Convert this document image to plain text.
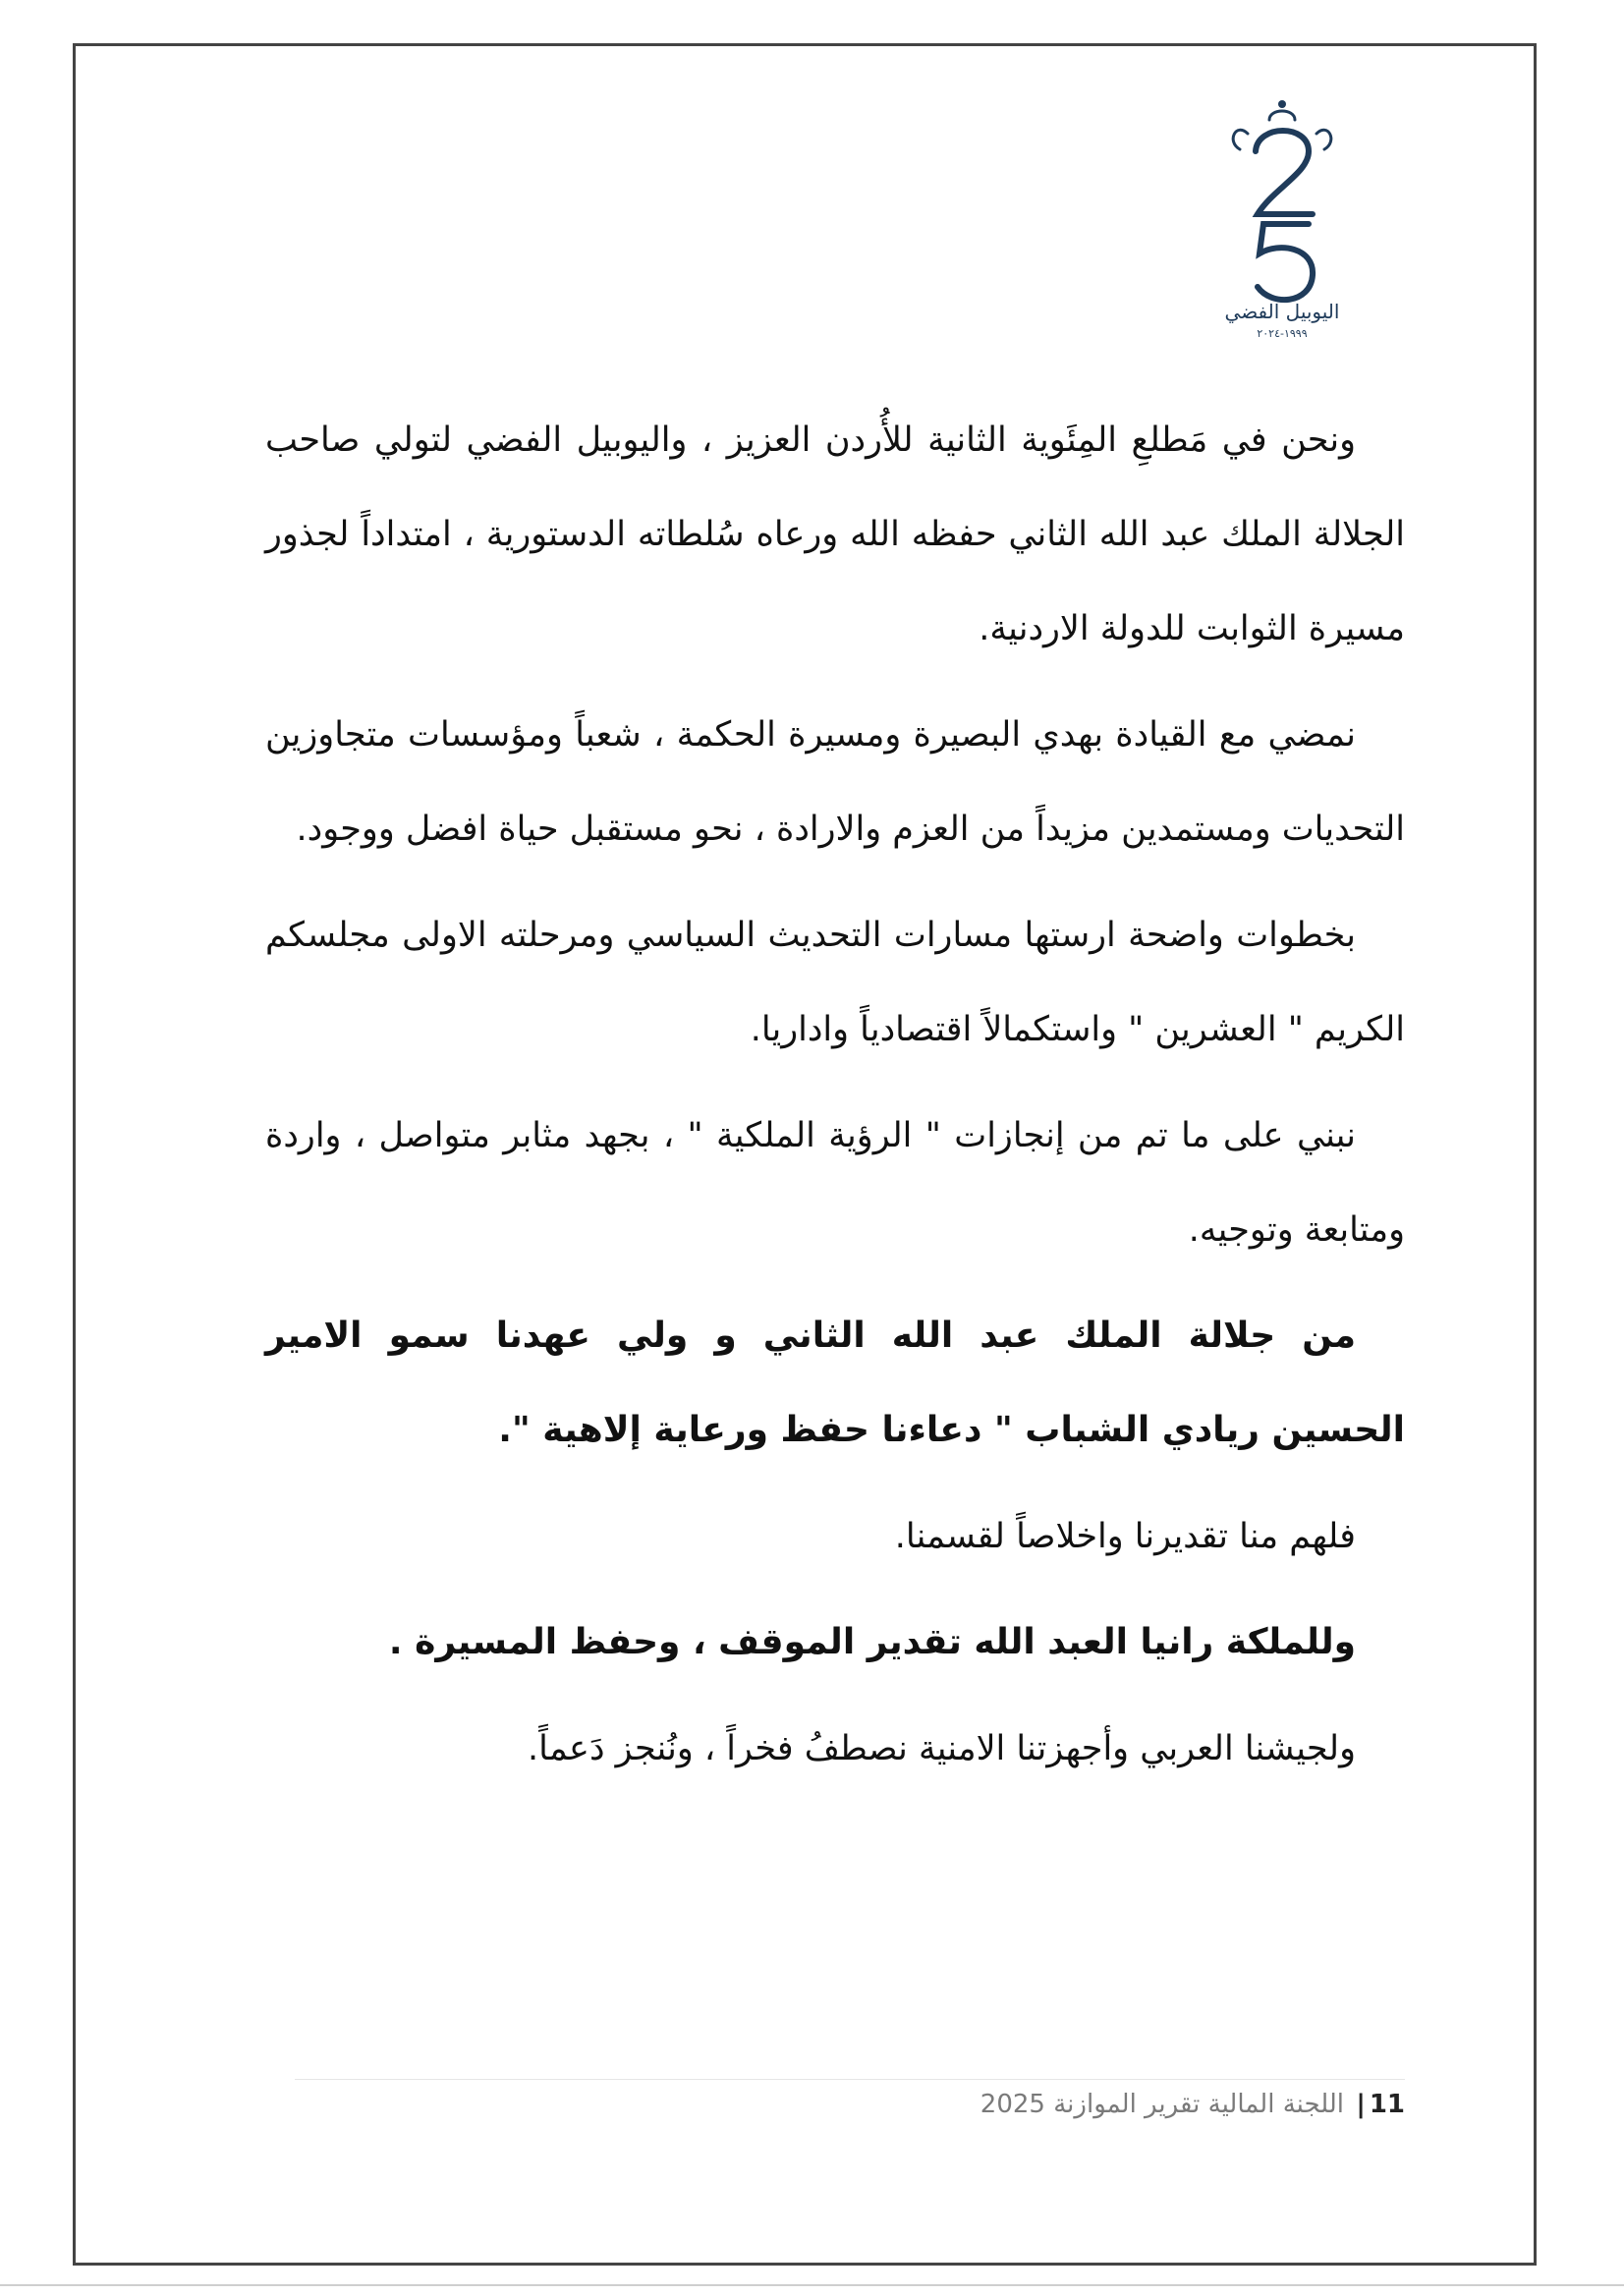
اليوبيل الفضي
١٩٩٩-٢٠٢٤

ونحن في مَطلعِ المِئَوية الثانية للأُردن العزيز ، واليوبيل الفضي لتولي صاحب الجلالة الملك عبد الله الثاني حفظه الله ورعاه سُلطاته الدستورية ، امتداداً لجذور مسيرة الثوابت للدولة الاردنية.

نمضي مع القيادة بهدي البصيرة ومسيرة الحكمة ، شعباً ومؤسسات متجاوزين التحديات ومستمدين مزيداً من العزم والارادة ، نحو مستقبل حياة افضل ووجود.

بخطوات واضحة ارستها مسارات التحديث السياسي ومرحلته الاولى مجلسكم الكريم " العشرين " واستكمالاً اقتصادياً واداريا.

نبني على ما تم من إنجازات " الرؤية الملكية " ، بجهد مثابر متواصل ، واردة ومتابعة وتوجيه.

من جلالة الملك عبد الله الثاني و ولي عهدنا سمو الامير الحسين ريادي الشباب " دعاءنا حفظ ورعاية إلاهية ".

فلهم منا تقديرنا واخلاصاً لقسمنا.

وللملكة رانيا العبد الله تقدير الموقف ، وحفظ المسيرة .

ولجيشنا العربي وأجهزتنا الامنية نصطفُ فخراً ، ونُنجز دَعماً.

11| اللجنة المالية تقرير الموازنة 2025
